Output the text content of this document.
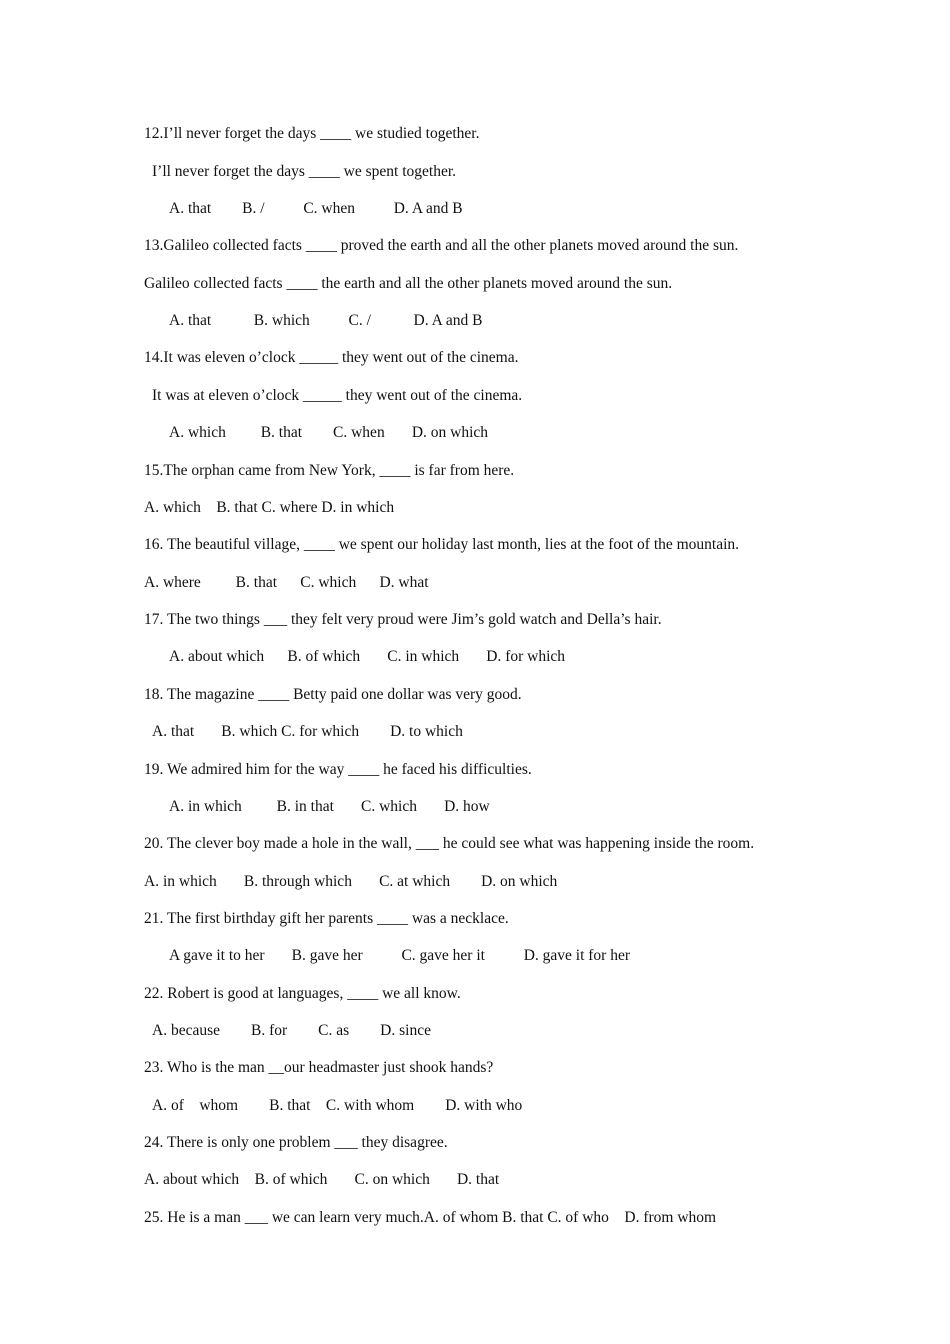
12.I’ll never forget the days ____ we studied together.

I’ll never forget the days ____ we spent together.

A. that        B. /          C. when          D. A and B

13.Galileo collected facts ____ proved the earth and all the other planets moved around the sun.

Galileo collected facts ____ the earth and all the other planets moved around the sun.

A. that           B. which          C. /           D. A and B

14.It was eleven o’clock _____ they went out of the cinema.

It was at eleven o’clock _____ they went out of the cinema.

A. which         B. that        C. when       D. on which

15.The orphan came from New York, ____ is far from here.

A. which    B. that C. where D. in which

16. The beautiful village, ____ we spent our holiday last month, lies at the foot of the mountain.

A. where         B. that      C. which      D. what

17. The two things ___ they felt very proud were Jim’s gold watch and Della’s hair.

A. about which      B. of which       C. in which       D. for which

18. The magazine ____ Betty paid one dollar was very good.

A. that       B. which C. for which        D. to which

19. We admired him for the way ____ he faced his difficulties.

A. in which         B. in that       C. which       D. how

20. The clever boy made a hole in the wall, ___ he could see what was happening inside the room.

A. in which       B. through which       C. at which        D. on which

21. The first birthday gift her parents ____ was a necklace.

A gave it to her       B. gave her          C. gave her it          D. gave it for her

22. Robert is good at languages, ____ we all know.

A. because        B. for        C. as        D. since

23. Who is the man __our headmaster just shook hands?

A. of    whom        B. that    C. with whom        D. with who

24. There is only one problem ___ they disagree.

A. about which    B. of which       C. on which       D. that

25. He is a man ___ we can learn very much.A. of whom B. that C. of who    D. from whom
